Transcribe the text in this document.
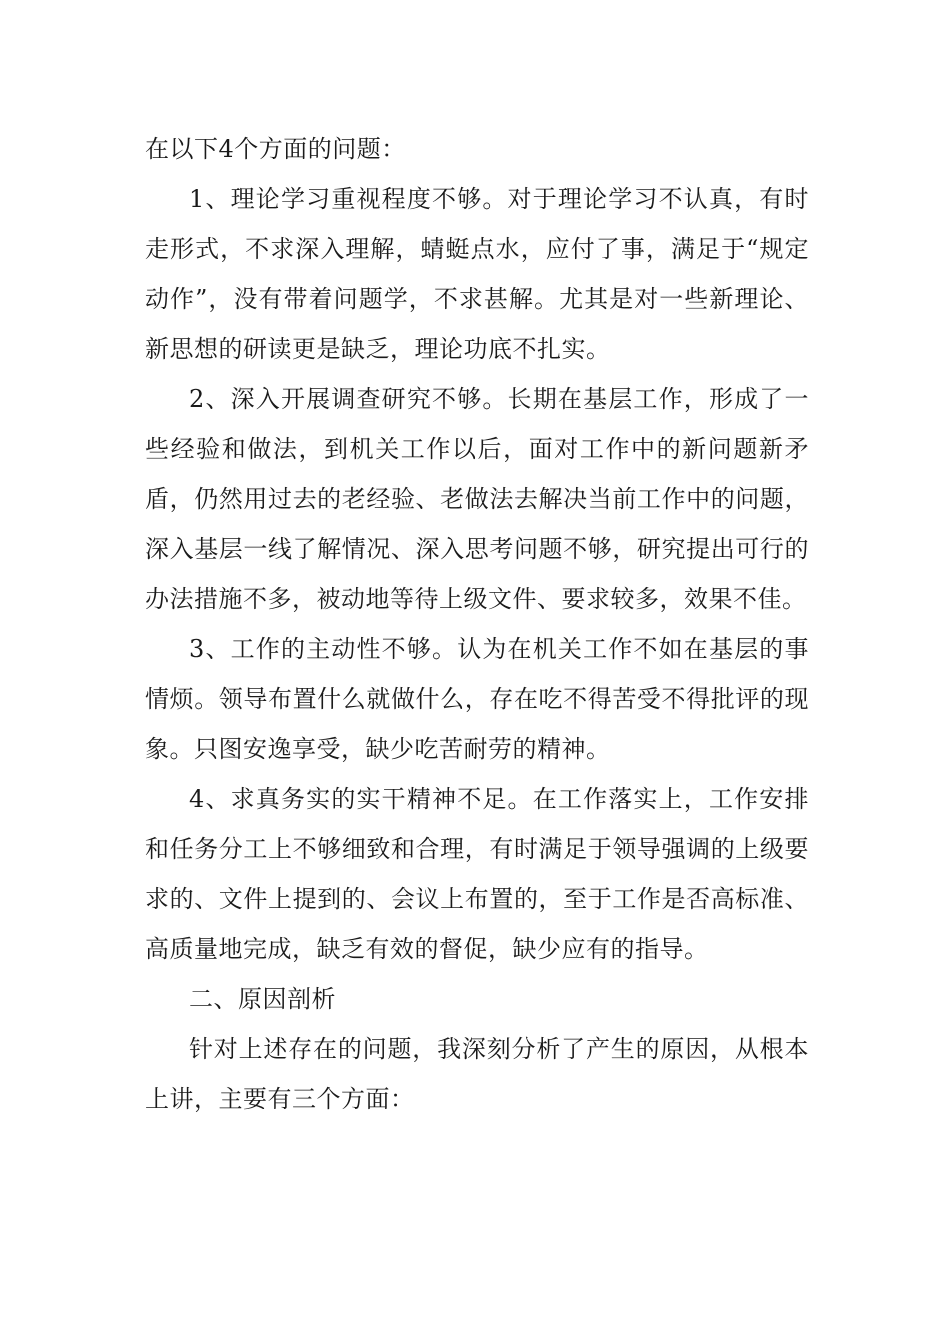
在以下4个方面的问题：

1、理论学习重视程度不够。对于理论学习不认真，有时走形式，不求深入理解，蜻蜓点水，应付了事，满足于“规定动作”，没有带着问题学，不求甚解。尤其是对一些新理论、新思想的研读更是缺乏，理论功底不扎实。

2、深入开展调查研究不够。长期在基层工作，形成了一些经验和做法，到机关工作以后，面对工作中的新问题新矛盾，仍然用过去的老经验、老做法去解决当前工作中的问题，深入基层一线了解情况、深入思考问题不够，研究提出可行的办法措施不多，被动地等待上级文件、要求较多，效果不佳。

3、工作的主动性不够。认为在机关工作不如在基层的事情烦。领导布置什么就做什么，存在吃不得苦受不得批评的现象。只图安逸享受，缺少吃苦耐劳的精神。

4、求真务实的实干精神不足。在工作落实上，工作安排和任务分工上不够细致和合理，有时满足于领导强调的上级要求的、文件上提到的、会议上布置的，至于工作是否高标准、高质量地完成，缺乏有效的督促，缺少应有的指导。

二、原因剖析

针对上述存在的问题，我深刻分析了产生的原因，从根本上讲，主要有三个方面：
